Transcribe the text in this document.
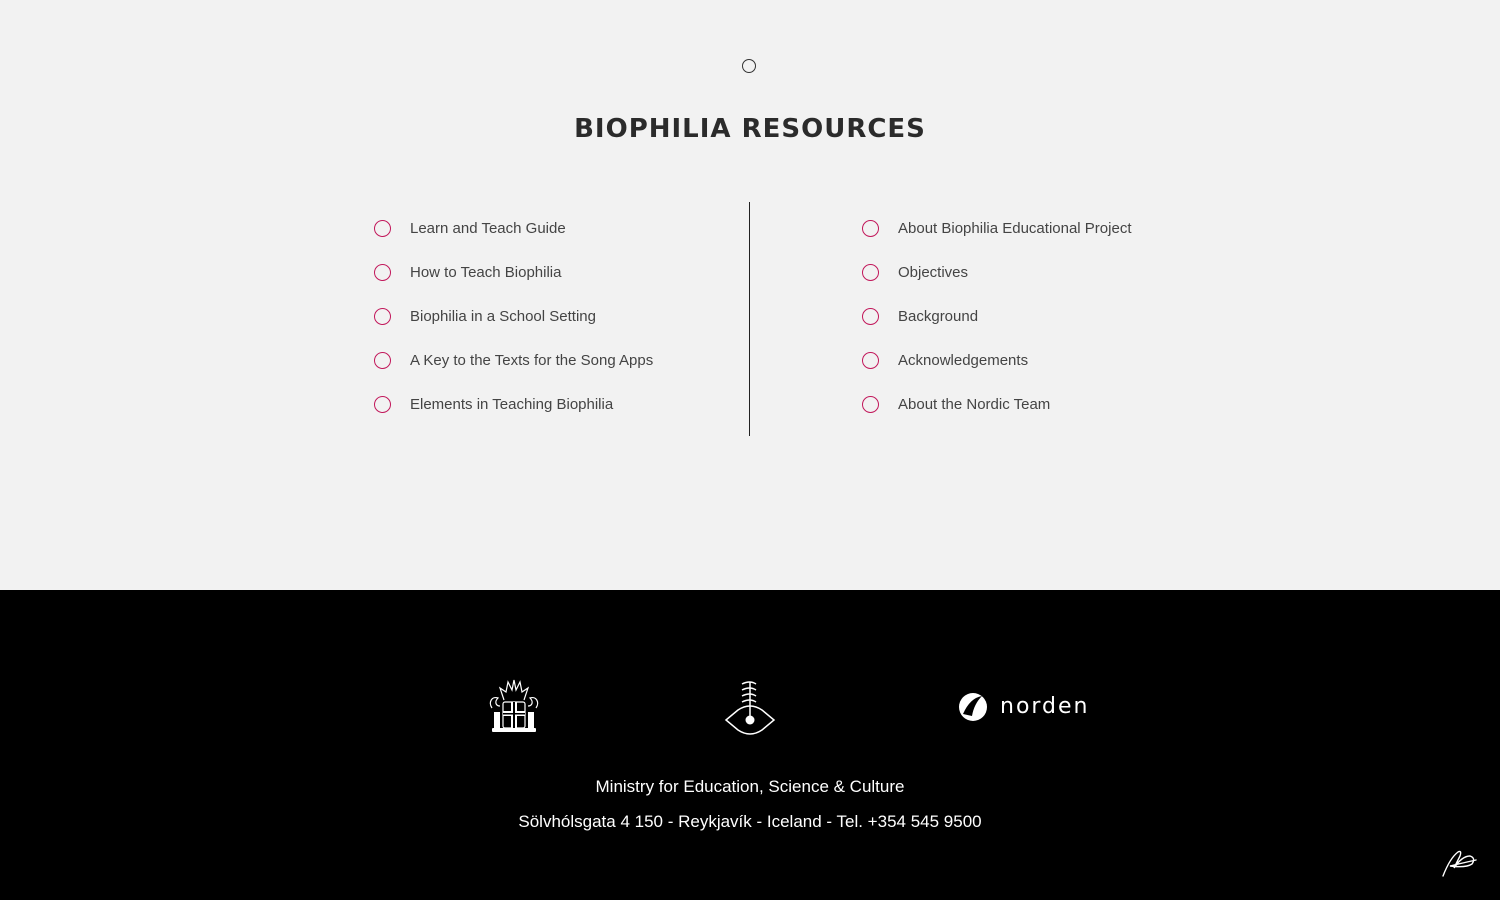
BIOPHILIA RESOURCES
Learn and Teach Guide
How to Teach Biophilia
Biophilia in a School Setting
A Key to the Texts for the Song Apps
Elements in Teaching Biophilia
About Biophilia Educational Project
Objectives
Background
Acknowledgements
About the Nordic Team
norden
Ministry for Education, Science & Culture
Sölvhólsgata 4 150 - Reykjavík - Iceland - Tel. +354 545 9500
